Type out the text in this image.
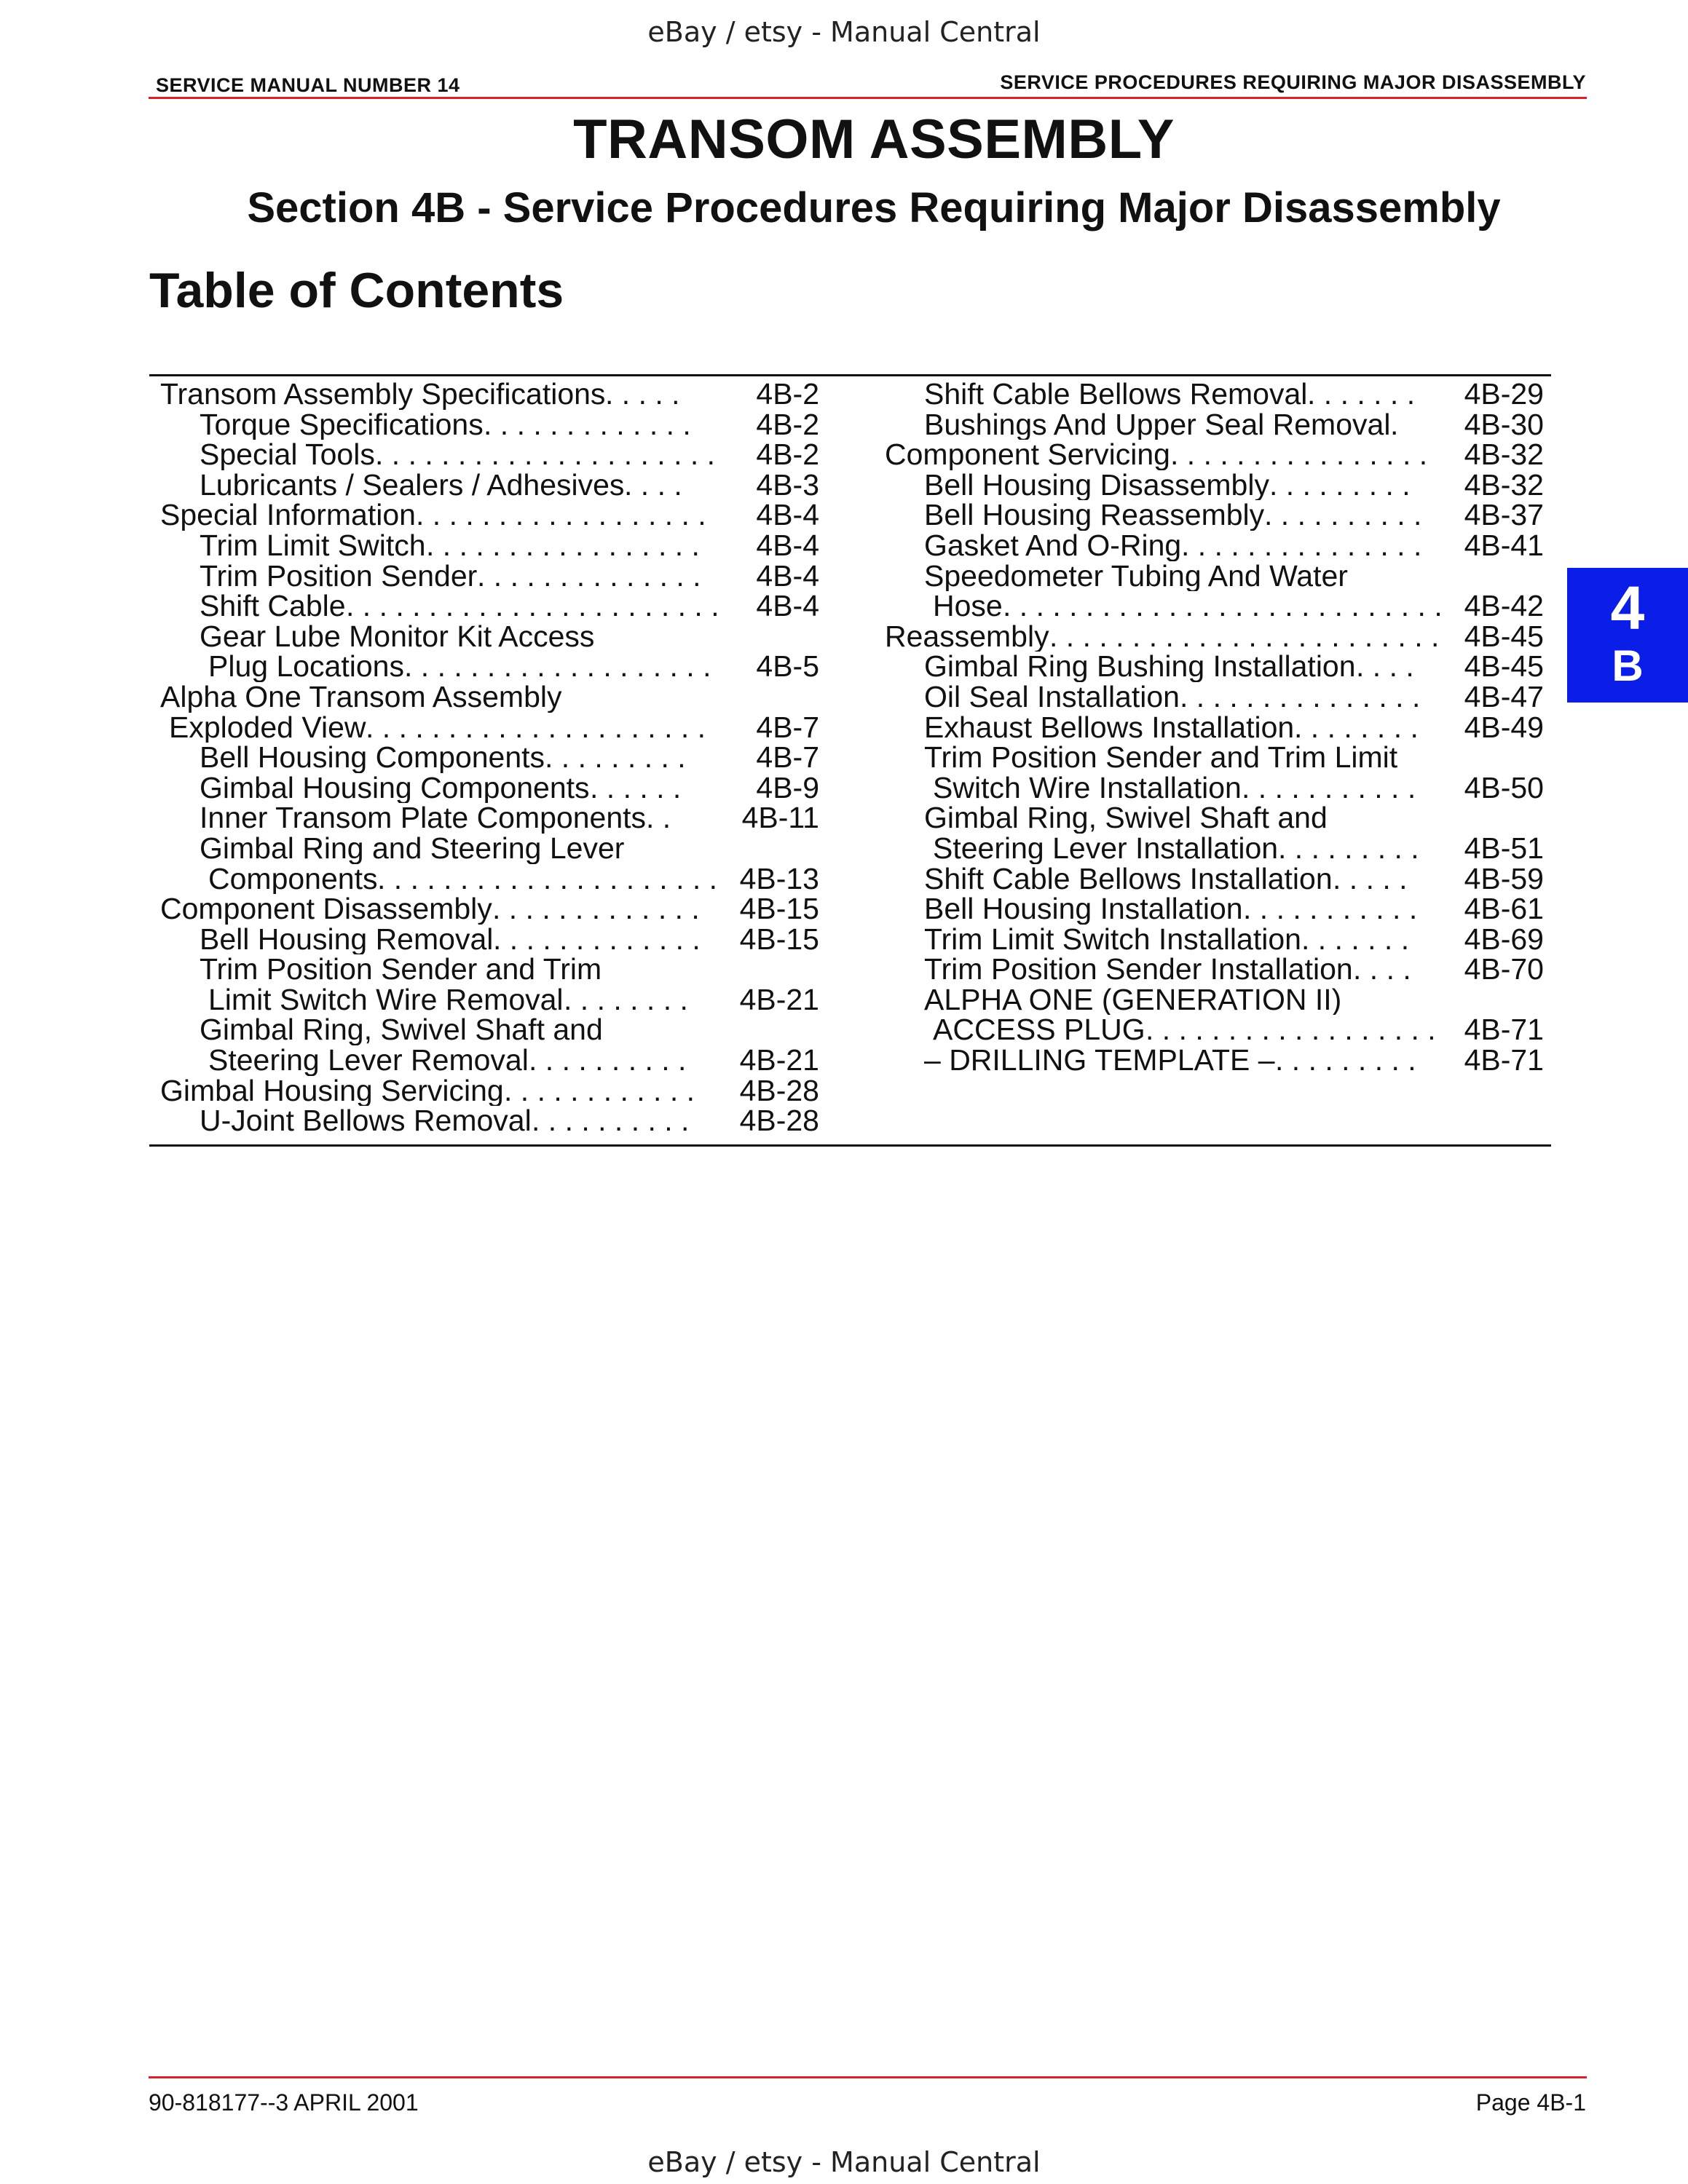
eBay / etsy - Manual Central
SERVICE MANUAL NUMBER 14	SERVICE PROCEDURES REQUIRING MAJOR DISASSEMBLY
TRANSOM ASSEMBLY
Section 4B - Service Procedures Requiring Major Disassembly
Table of Contents
Transom Assembly Specifications . . . . .	4B-2
Torque Specifications . . . . . . . . . . . . .	4B-2
Special Tools . . . . . . . . . . . . . . . . . . . . .	4B-2
Lubricants / Sealers / Adhesives . . . .	4B-3
Special Information . . . . . . . . . . . . . . . . . .	4B-4
Trim Limit Switch . . . . . . . . . . . . . . . . .	4B-4
Trim Position Sender . . . . . . . . . . . . . .	4B-4
Shift Cable . . . . . . . . . . . . . . . . . . . . . . .	4B-4
Gear Lube Monitor Kit Access
Plug Locations . . . . . . . . . . . . . . . . . . .	4B-5
Alpha One Transom Assembly
Exploded View . . . . . . . . . . . . . . . . . . . . .	4B-7
Bell Housing Components . . . . . . . . .	4B-7
Gimbal Housing Components . . . . . .	4B-9
Inner Transom Plate Components . .	4B-11
Gimbal Ring and Steering Lever
Components . . . . . . . . . . . . . . . . . . . . . 4B-13
Component Disassembly . . . . . . . . . . . . .	4B-15
Bell Housing Removal . . . . . . . . . . . . .	4B-15
Trim Position Sender and Trim
Limit Switch Wire Removal . . . . . . . .	4B-21
Gimbal Ring, Swivel Shaft and
Steering Lever Removal . . . . . . . . . .	4B-21
Gimbal Housing Servicing . . . . . . . . . . . .	4B-28
U-Joint Bellows Removal . . . . . . . . . .	4B-28
Shift Cable Bellows Removal . . . . . . .	4B-29
Bushings And Upper Seal Removal .	4B-30
Component Servicing . . . . . . . . . . . . . . . .	4B-32
Bell Housing Disassembly . . . . . . . . .	4B-32
Bell Housing Reassembly . . . . . . . . . .	4B-37
Gasket And O-Ring . . . . . . . . . . . . . . .	4B-41
Speedometer Tubing And Water
Hose . . . . . . . . . . . . . . . . . . . . . . . . . . . 4B-42
Reassembly . . . . . . . . . . . . . . . . . . . . . . . . 4B-45
Gimbal Ring Bushing Installation . . . .	4B-45
Oil Seal Installation . . . . . . . . . . . . . . .	4B-47
Exhaust Bellows Installation . . . . . . . .	4B-49
Trim Position Sender and Trim Limit
Switch Wire Installation . . . . . . . . . . .	4B-50
Gimbal Ring, Swivel Shaft and
Steering Lever Installation . . . . . . . . .	4B-51
Shift Cable Bellows Installation . . . . .	4B-59
Bell Housing Installation . . . . . . . . . . .	4B-61
Trim Limit Switch Installation . . . . . . .	4B-69
Trim Position Sender Installation . . . .	4B-70
ALPHA ONE (GENERATION II)
ACCESS PLUG . . . . . . . . . . . . . . . . . . 4B-71
– DRILLING TEMPLATE – . . . . . . . . .	4B-71
4
B
90-818177--3 APRIL 2001	Page 4B-1
eBay / etsy - Manual Central
